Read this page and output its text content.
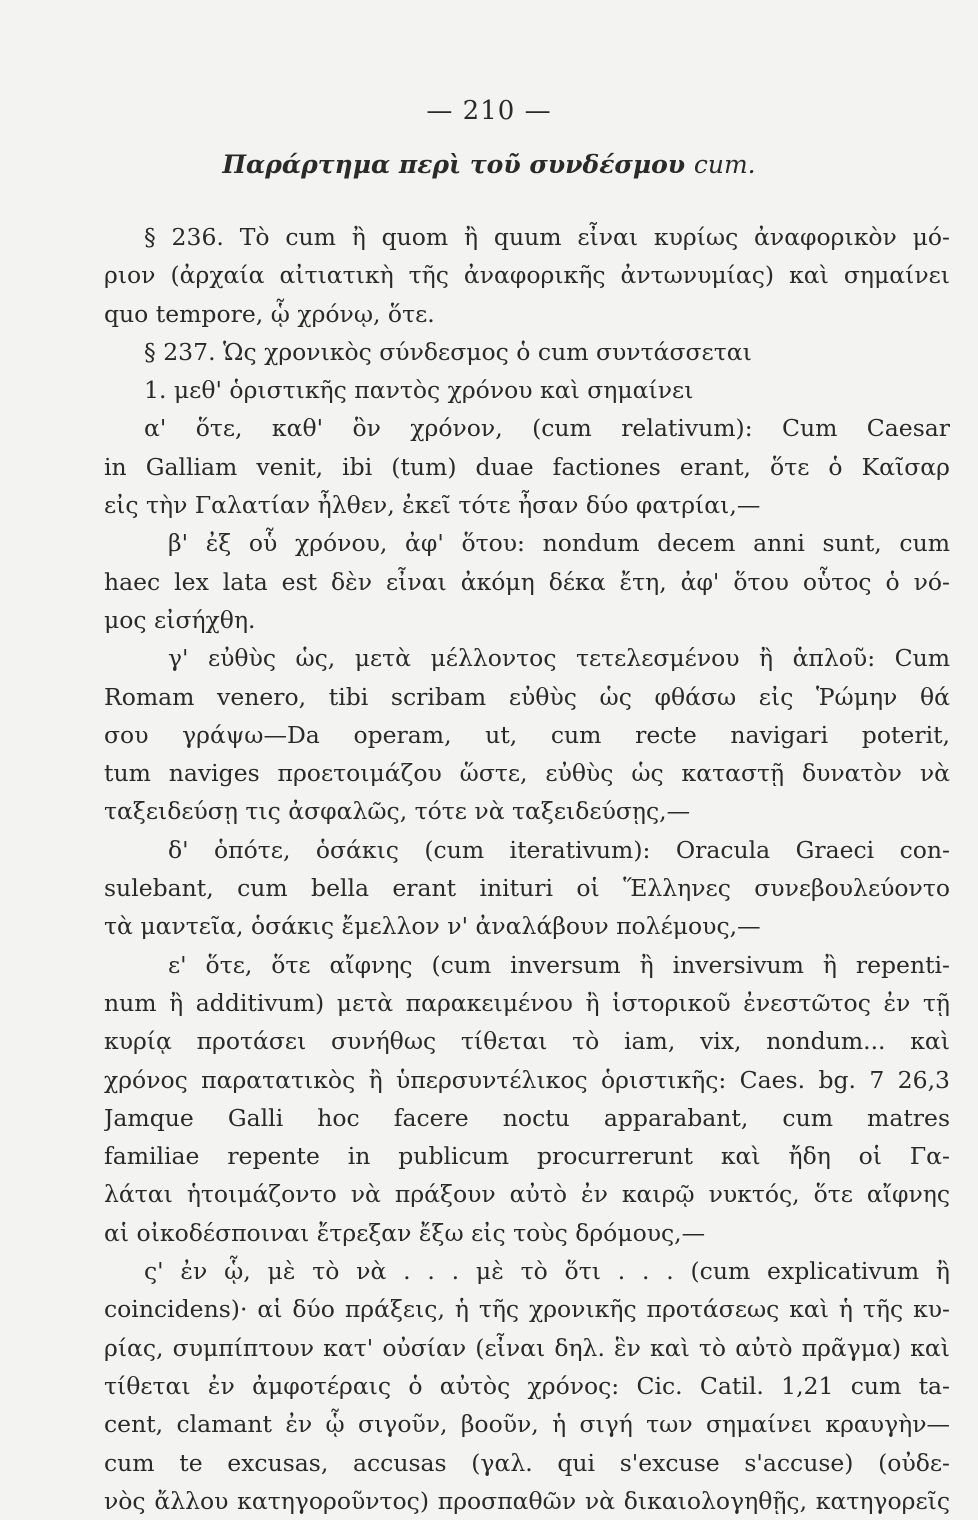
— 210 —
Παράρτημα περὶ τοῦ συνδέσμου cum.
§ 236. Τὸ cum ἢ quom ἢ quum εἶναι κυρίως ἀναφορικὸν μό-
ριον (ἀρχαία αἰτιατικὴ τῆς ἀναφορικῆς ἀντωνυμίας) καὶ σημαίνει
quo tempore, ᾧ χρόνῳ, ὅτε.
§ 237. Ὡς χρονικὸς σύνδεσμος ὁ cum συντάσσεται
1. μεθ' ὁριστικῆς παντὸς χρόνου καὶ σημαίνει
α' ὅτε, καθ' ὃν χρόνον, (cum relativum): Cum Caesar
in Galliam venit, ibi (tum) duae factiones erant, ὅτε ὁ Καῖσαρ
εἰς τὴν Γαλατίαν ἦλθεν, ἐκεῖ τότε ἦσαν δύο φατρίαι,—
β' ἐξ οὗ χρόνου, ἀφ' ὅτου: nondum decem anni sunt, cum
haec lex lata est δὲν εἶναι ἀκόμη δέκα ἔτη, ἀφ' ὅτου οὗτος ὁ νό-
μος εἰσήχθη.
γ' εὐθὺς ὡς, μετὰ μέλλοντος τετελεσμένου ἢ ἁπλοῦ: Cum
Romam venero, tibi scribam εὐθὺς ὡς φθάσω εἰς Ῥώμην θά
σου γράψω—Da operam, ut, cum recte navigari poterit,
tum naviges προετοιμάζου ὥστε, εὐθὺς ὡς καταστῇ δυνατὸν νὰ
ταξειδεύσῃ τις ἀσφαλῶς, τότε νὰ ταξειδεύσῃς,—
δ' ὁπότε, ὁσάκις (cum iterativum): Oracula Graeci con-
sulebant, cum bella erant inituri οἱ Ἕλληνες συνεβουλεύοντο
τὰ μαντεῖα, ὁσάκις ἔμελλον ν' ἀναλάβουν πολέμους,—
ε' ὅτε, ὅτε αἴφνης (cum inversum ἢ inversivum ἢ repenti-
num ἢ additivum) μετὰ παρακειμένου ἢ ἱστορικοῦ ἐνεστῶτος ἐν τῇ
κυρίᾳ προτάσει συνήθως τίθεται τὸ iam, vix, nondum... καὶ
χρόνος παρατατικὸς ἢ ὑπερσυντέλικος ὁριστικῆς: Caes. bg. 7 26,3
Jamque Galli hoc facere noctu apparabant, cum matres
familiae repente in publicum procurrerunt καὶ ἤδη οἱ Γα-
λάται ἡτοιμάζοντο νὰ πράξουν αὐτὸ ἐν καιρῷ νυκτός, ὅτε αἴφνης
αἱ οἰκοδέσποιναι ἔτρεξαν ἔξω εἰς τοὺς δρόμους,—
ς' ἐν ᾧ, μὲ τὸ νὰ . . . μὲ τὸ ὅτι . . . (cum explicativum ἢ
coincidens)· αἱ δύο πράξεις, ἡ τῆς χρονικῆς προτάσεως καὶ ἡ τῆς κυ-
ρίας, συμπίπτουν κατ' οὐσίαν (εἶναι δηλ. ἓν καὶ τὸ αὐτὸ πρᾶγμα) καὶ
τίθεται ἐν ἀμφοτέραις ὁ αὐτὸς χρόνος: Cic. Catil. 1,21 cum ta-
cent, clamant ἐν ᾧ σιγοῦν, βοοῦν, ἡ σιγή των σημαίνει κραυγὴν—
cum te excusas, accusas (γαλ. qui s'excuse s'accuse) (οὐδε-
νὸς ἄλλου κατηγοροῦντος) προσπαθῶν νὰ δικαιολογηθῇς, κατηγορεῖς
